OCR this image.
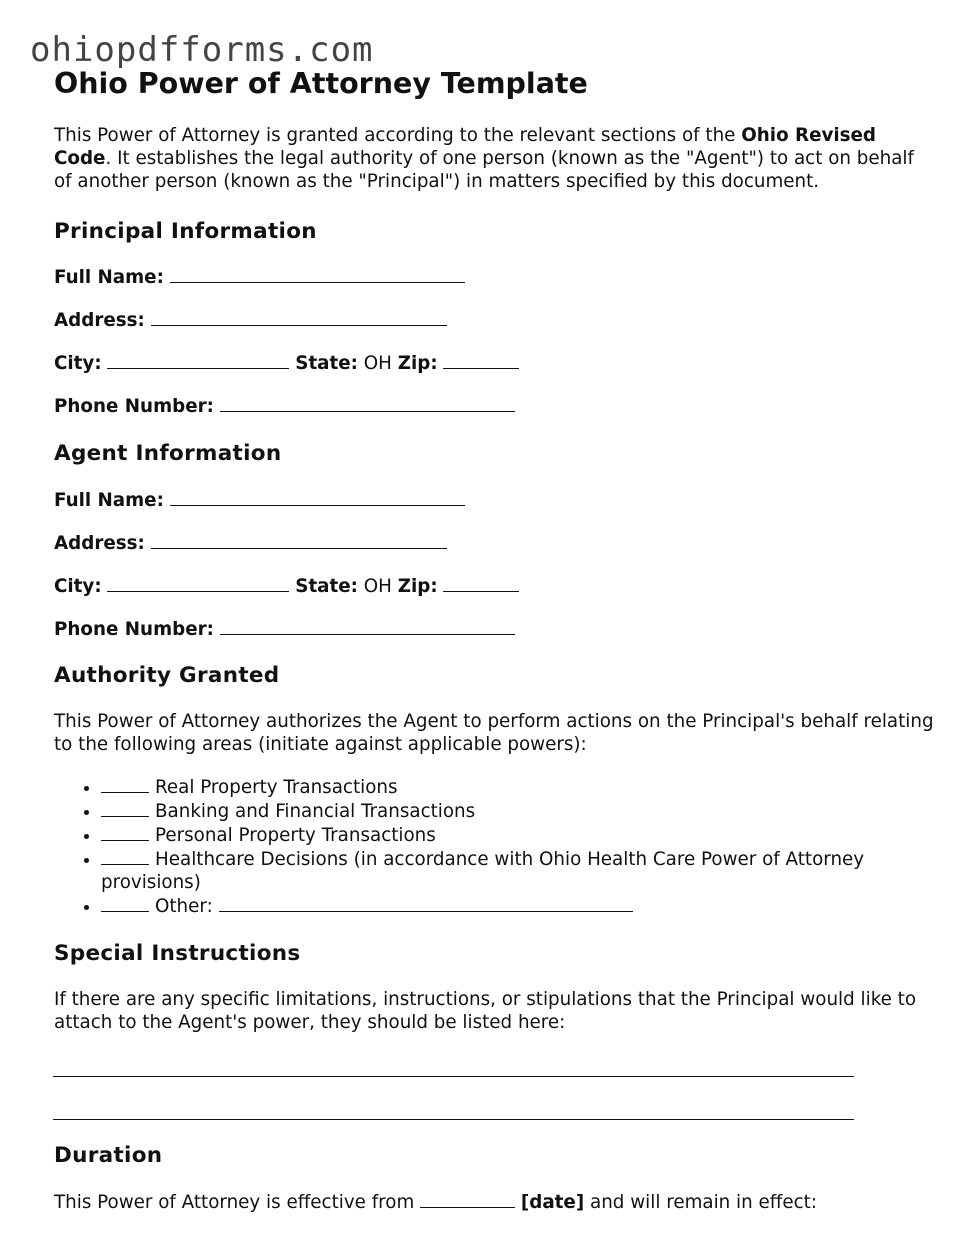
ohiopdfforms.com
Ohio Power of Attorney Template

This Power of Attorney is granted according to the relevant sections of the Ohio Revised Code. It establishes the legal authority of one person (known as the "Agent") to act on behalf of another person (known as the "Principal") in matters specified by this document.

Principal Information
Full Name:
Address:
City:	State: OH Zip:
Phone Number:
Agent Information
Full Name:
Address:
City:	State: OH Zip:
Phone Number:
Authority Granted

This Power of Attorney authorizes the Agent to perform actions on the Principal's behalf relating to the following areas (initiate against applicable powers):

• Real Property Transactions
• Banking and Financial Transactions
• Personal Property Transactions
• Healthcare Decisions (in accordance with Ohio Health Care Power of Attorney provisions)
• Other:
Special Instructions

If there are any specific limitations, instructions, or stipulations that the Principal would like to attach to the Agent's power, they should be listed here:

Duration
This Power of Attorney is effective from	[date] and will remain in effect:
